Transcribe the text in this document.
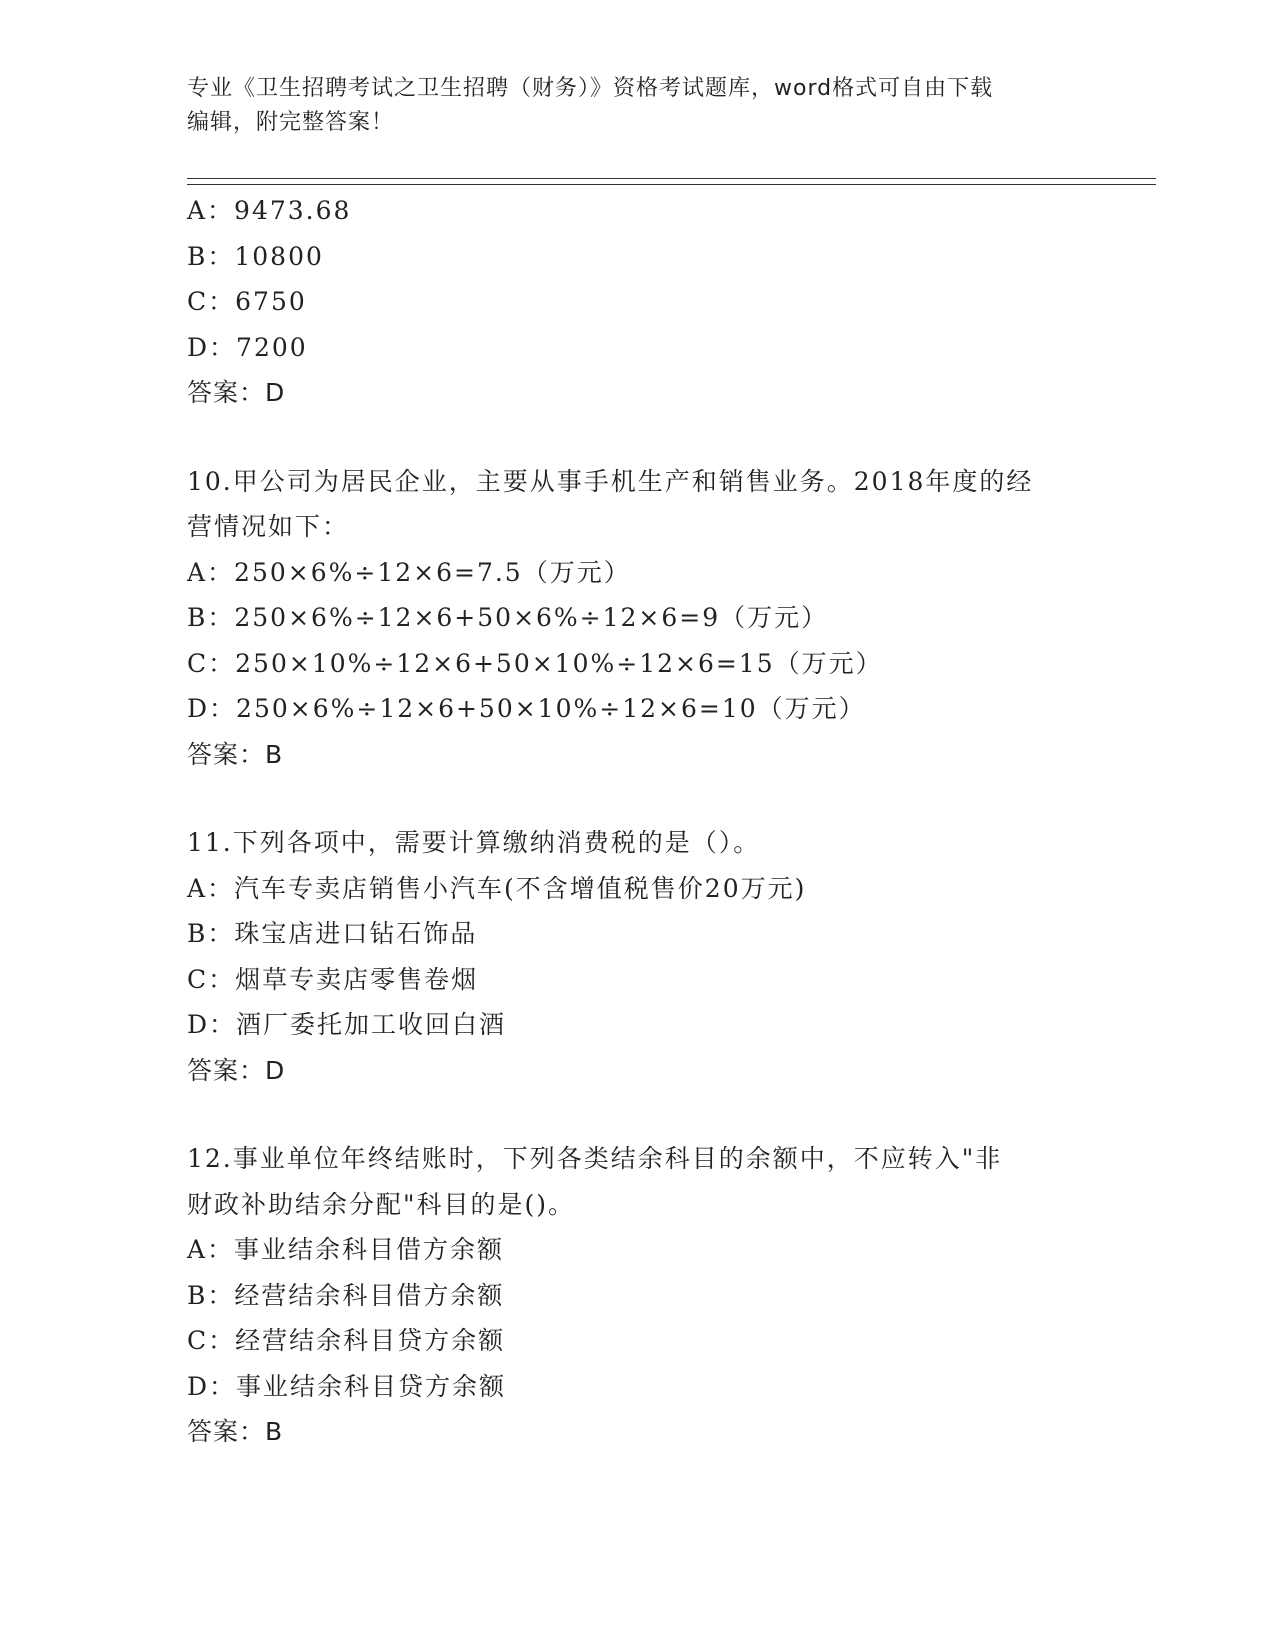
专业《卫生招聘考试之卫生招聘（财务）》资格考试题库，word格式可自由下载
编辑，附完整答案！
A：9473.68
B：10800
C：6750
D：7200
答案：D
10.甲公司为居民企业，主要从事手机生产和销售业务。2018年度的经
营情况如下：
A：250×6%÷12×6=7.5（万元）
B：250×6%÷12×6+50×6%÷12×6=9（万元）
C：250×10%÷12×6+50×10%÷12×6=15（万元）
D：250×6%÷12×6+50×10%÷12×6=10（万元）
答案：B
11.下列各项中，需要计算缴纳消费税的是（）。
A：汽车专卖店销售小汽车(不含增值税售价20万元)
B：珠宝店进口钻石饰品
C：烟草专卖店零售卷烟
D：酒厂委托加工收回白酒
答案：D
12.事业单位年终结账时，下列各类结余科目的余额中，不应转入"非
财政补助结余分配"科目的是()。
A：事业结余科目借方余额
B：经营结余科目借方余额
C：经营结余科目贷方余额
D：事业结余科目贷方余额
答案：B
